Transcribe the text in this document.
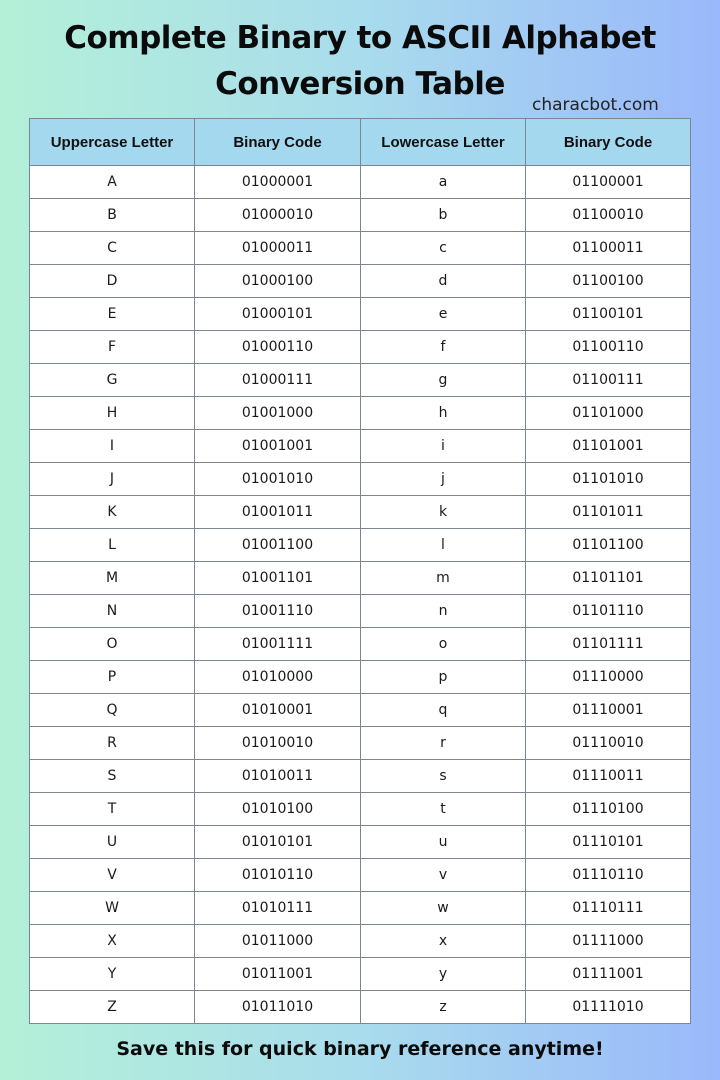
Complete Binary to ASCII Alphabet
Conversion Table
characbot.com
Uppercase Letter	Binary Code	Lowercase Letter	Binary Code
A	01000001	a	01100001
B	01000010	b	01100010
C	01000011	c	01100011
D	01000100	d	01100100
E	01000101	e	01100101
F	01000110	f	01100110
G	01000111	g	01100111
H	01001000	h	01101000
I	01001001	i	01101001
J	01001010	j	01101010
K	01001011	k	01101011
L	01001100	l	01101100
M	01001101	m	01101101
N	01001110	n	01101110
O	01001111	o	01101111
P	01010000	p	01110000
Q	01010001	q	01110001
R	01010010	r	01110010
S	01010011	s	01110011
T	01010100	t	01110100
U	01010101	u	01110101
V	01010110	v	01110110
W	01010111	w	01110111
X	01011000	x	01111000
Y	01011001	y	01111001
Z	01011010	z	01111010

Save this for quick binary reference anytime!
